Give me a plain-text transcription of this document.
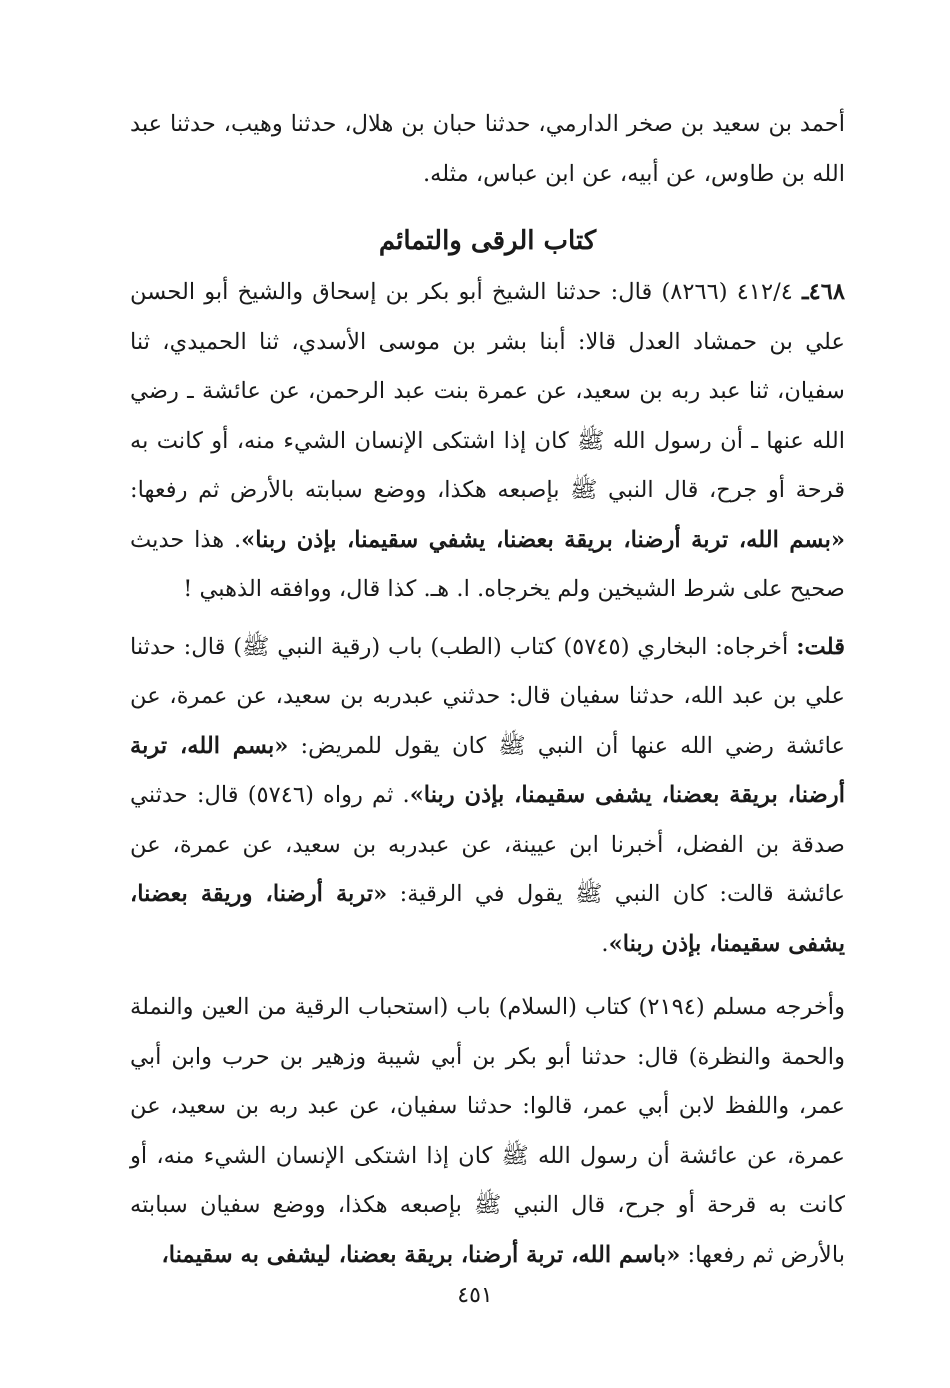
أحمد بن سعيد بن صخر الدارمي، حدثنا حبان بن هلال، حدثنا وهيب، حدثنا عبد الله بن طاوس، عن أبيه، عن ابن عباس، مثله.

كتاب الرقى والتمائم

٤٦٨ـ ٤١٢/٤ (٨٢٦٦) قال: حدثنا الشيخ أبو بكر بن إسحاق والشيخ أبو الحسن علي بن حمشاد العدل قالا: أبنا بشر بن موسى الأسدي، ثنا الحميدي، ثنا سفيان، ثنا عبد ربه بن سعيد، عن عمرة بنت عبد الرحمن، عن عائشة ـ رضي الله عنها ـ أن رسول الله ﷺ كان إذا اشتكى الإنسان الشيء منه، أو كانت به قرحة أو جرح، قال النبي ﷺ بإصبعه هكذا، ووضع سبابته بالأرض ثم رفعها: «بسم الله، تربة أرضنا، بريقة بعضنا، يشفي سقيمنا، بإذن ربنا». هذا حديث صحيح على شرط الشيخين ولم يخرجاه. ا. هـ. كذا قال، ووافقه الذهبي !

قلت: أخرجاه: البخاري (٥٧٤٥) كتاب (الطب) باب (رقية النبي ﷺ) قال: حدثنا علي بن عبد الله، حدثنا سفيان قال: حدثني عبدربه بن سعيد، عن عمرة، عن عائشة رضي الله عنها أن النبي ﷺ كان يقول للمريض: «بسم الله، تربة أرضنا، بريقة بعضنا، يشفى سقيمنا، بإذن ربنا». ثم رواه (٥٧٤٦) قال: حدثني صدقة بن الفضل، أخبرنا ابن عيينة، عن عبدربه بن سعيد، عن عمرة، عن عائشة قالت: كان النبي ﷺ يقول في الرقية: «تربة أرضنا، وريقة بعضنا، يشفى سقيمنا، بإذن ربنا».

وأخرجه مسلم (٢١٩٤) كتاب (السلام) باب (استحباب الرقية من العين والنملة والحمة والنظرة) قال: حدثنا أبو بكر بن أبي شيبة وزهير بن حرب وابن أبي عمر، واللفظ لابن أبي عمر، قالوا: حدثنا سفيان، عن عبد ربه بن سعيد، عن عمرة، عن عائشة أن رسول الله ﷺ كان إذا اشتكى الإنسان الشيء منه، أو كانت به قرحة أو جرح، قال النبي ﷺ بإصبعه هكذا، ووضع سفيان سبابته بالأرض ثم رفعها: «باسم الله، تربة أرضنا، بريقة بعضنا، ليشفى به سقيمنا،

٤٥١
